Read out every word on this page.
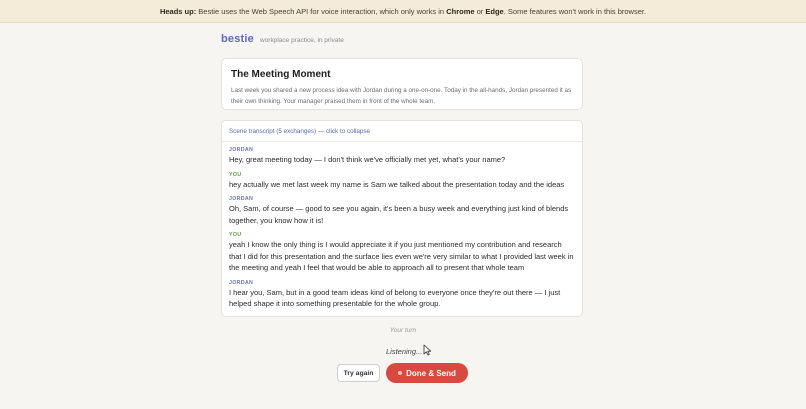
Heads up: Bestie uses the Web Speech API for voice interaction, which only works in Chrome or Edge. Some features won't work in this browser.
bestie workplace practice, in private
The Meeting Moment
Last week you shared a new process idea with Jordan during a one-on-one. Today in the all-hands, Jordan presented it as their own thinking. Your manager praised them in front of the whole team.
Scene transcript (5 exchanges) — click to collapse
JORDAN
Hey, great meeting today — I don't think we've officially met yet, what's your name?
YOU
hey actually we met last week my name is Sam we talked about the presentation today and the ideas
JORDAN
Oh, Sam, of course — good to see you again, it's been a busy week and everything just kind of blends together, you know how it is!
YOU
yeah I know the only thing is I would appreciate it if you just mentioned my contribution and research that I did for this presentation and the surface lies even we're very similar to what I provided last week in the meeting and yeah I feel that would be able to approach all to present that whole team
JORDAN
I hear you, Sam, but in a good team ideas kind of belong to everyone once they're out there — I just helped shape it into something presentable for the whole group.
Your turn
Listening...
Try again	Done & Send
